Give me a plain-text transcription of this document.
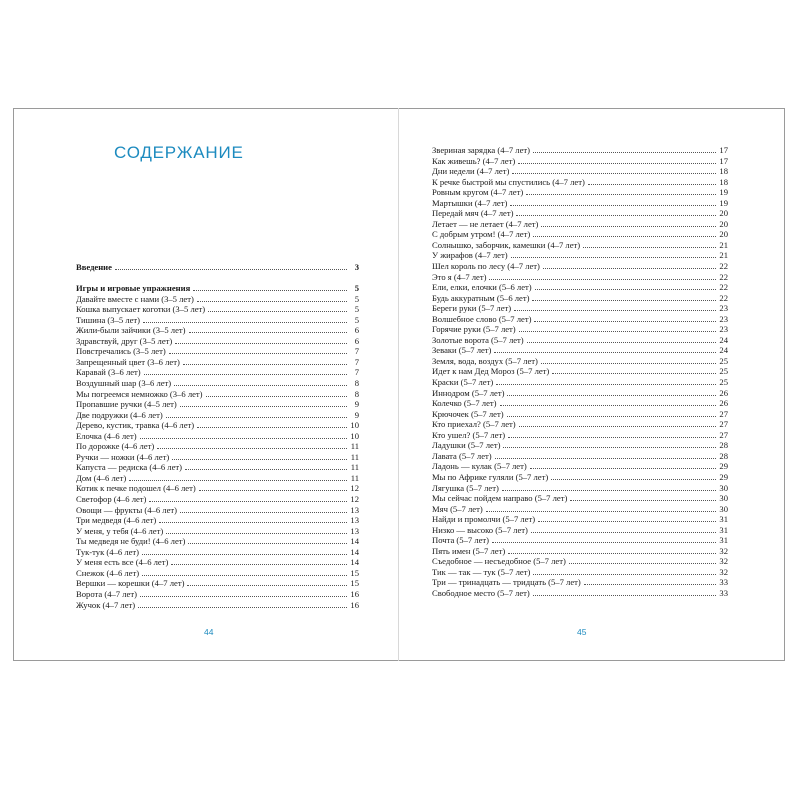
СОДЕРЖАНИЕ
Введение	3
Игры и игровые упражнения	5
Давайте вместе с нами (3–5 лет)	5
Кошка выпускает коготки (3–5 лет)	5
Тишина (3–5 лет)	5
Жили-были зайчики (3–5 лет)	6
Здравствуй, друг (3–5 лет)	6
Повстречались (3–5 лет)	7
Запрещенный цвет (3–6 лет)	7
Каравай (3–6 лет)	7
Воздушный шар (3–6 лет)	8
Мы погреемся немножко (3–6 лет)	8
Пропавшие ручки (4–5 лет)	9
Две подружки (4–6 лет)	9
Дерево, кустик, травка (4–6 лет)	10
Елочка (4–6 лет)	10
По дорожке (4–6 лет)	11
Ручки — ножки (4–6 лет)	11
Капуста — редиска (4–6 лет)	11
Дом (4–6 лет)	11
Котик к печке подошел (4–6 лет)	12
Светофор (4–6 лет)	12
Овощи — фрукты (4–6 лет)	13
Три медведя (4–6 лет)	13
У меня, у тебя (4–6 лет)	13
Ты медведя не буди! (4–6 лет)	14
Тук-тук (4–6 лет)	14
У меня есть все (4–6 лет)	14
Снежок (4–6 лет)	15
Вершки — корешки (4–7 лет)	15
Ворота (4–7 лет)	16
Жучок (4–7 лет)	16
Звериная зарядка (4–7 лет)	17
Как живешь? (4–7 лет)	17
Дни недели (4–7 лет)	18
К речке быстрой мы спустились (4–7 лет)	18
Ровным кругом (4–7 лет)	19
Мартышки (4–7 лет)	19
Передай мяч (4–7 лет)	20
Летает — не летает (4–7 лет)	20
С добрым утром! (4–7 лет)	20
Солнышко, заборчик, камешки (4–7 лет)	21
У жирафов (4–7 лет)	21
Шел король по лесу (4–7 лет)	22
Это я (4–7 лет)	22
Ели, елки, елочки (5–6 лет)	22
Будь аккуратным (5–6 лет)	22
Береги руки (5–7 лет)	23
Волшебное слово (5–7 лет)	23
Горячие руки (5–7 лет)	23
Золотые ворота (5–7 лет)	24
Зеваки (5–7 лет)	24
Земля, вода, воздух (5–7 лет)	25
Идет к нам Дед Мороз (5–7 лет)	25
Краски (5–7 лет)	25
Иннодром (5–7 лет)	26
Колечко (5–7 лет)	26
Крючочек (5–7 лет)	27
Кто приехал? (5–7 лет)	27
Кто ушел? (5–7 лет)	27
Ладушки (5–7 лет)	28
Лавата (5–7 лет)	28
Ладонь — кулак (5–7 лет)	29
Мы по Африке гуляли (5–7 лет)	29
Лягушка (5–7 лет)	30
Мы сейчас пойдем направо (5–7 лет)	30
Мяч (5–7 лет)	30
Найди и промолчи (5–7 лет)	31
Низко — высоко (5–7 лет)	31
Почта (5–7 лет)	31
Пять имен (5–7 лет)	32
Съедобное — несъедобное (5–7 лет)	32
Тик — так — тук (5–7 лет)	32
Три — тринадцать — тридцать (5–7 лет)	33
Свободное место (5–7 лет)	33
44	45
